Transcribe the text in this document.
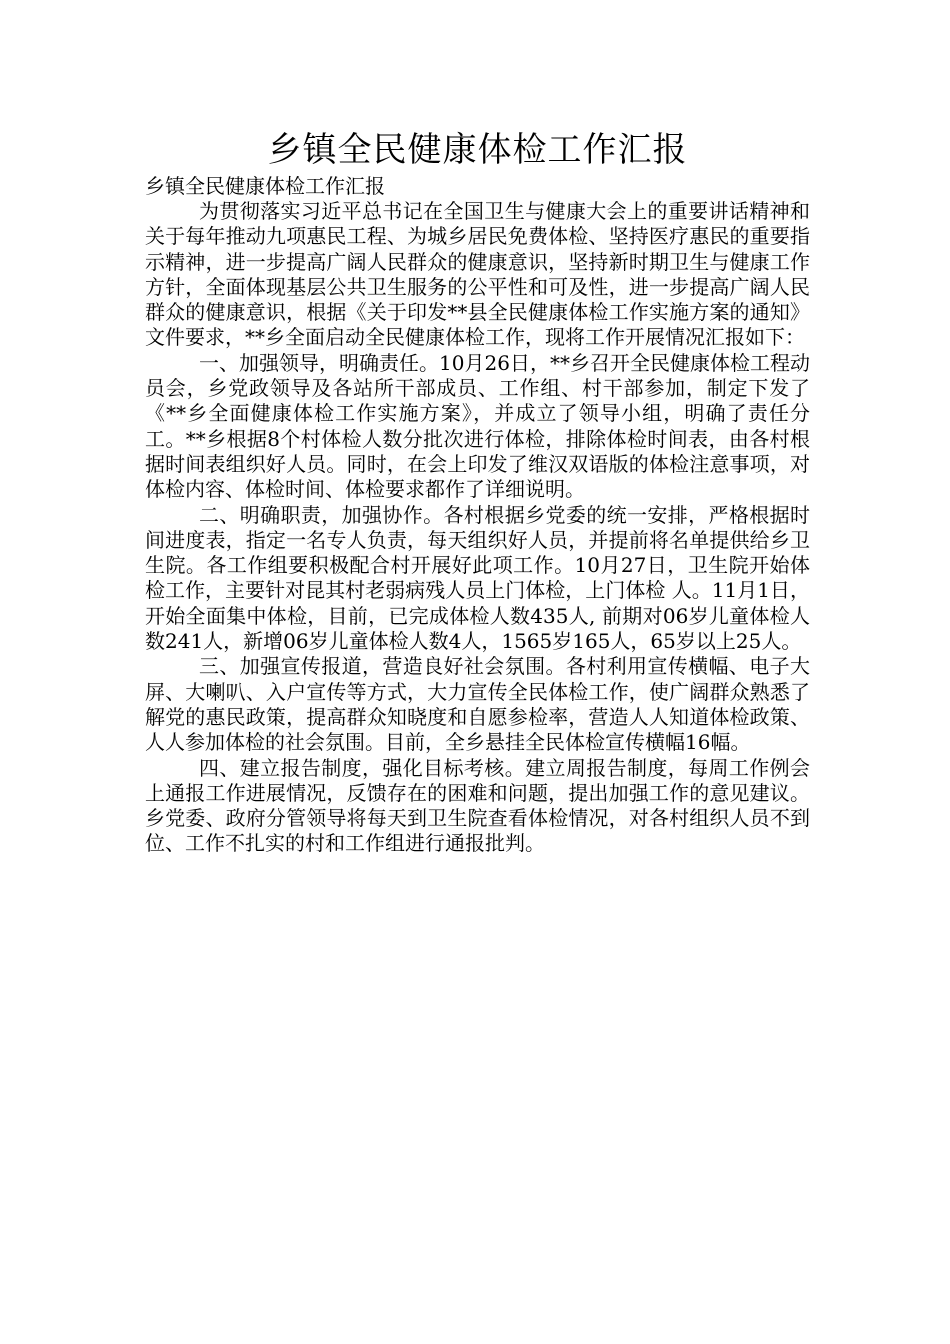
乡镇全民健康体检工作汇报

乡镇全民健康体检工作汇报

为贯彻落实习近平总书记在全国卫生与健康大会上的重要讲话精神和关于每年推动九项惠民工程、为城乡居民免费体检、坚持医疗惠民的重要指示精神，进一步提高广阔人民群众的健康意识，坚持新时期卫生与健康工作方针，全面体现基层公共卫生服务的公平性和可及性，进一步提高广阔人民群众的健康意识，根据《关于印发**县全民健康体检工作实施方案的通知》文件要求，**乡全面启动全民健康体检工作，现将工作开展情况汇报如下：

一、加强领导，明确责任。10月26日，**乡召开全民健康体检工程动员会，乡党政领导及各站所干部成员、工作组、村干部参加，制定下发了《**乡全面健康体检工作实施方案》，并成立了领导小组，明确了责任分工。**乡根据8个村体检人数分批次进行体检，排除体检时间表，由各村根据时间表组织好人员。同时，在会上印发了维汉双语版的体检注意事项，对体检内容、体检时间、体检要求都作了详细说明。

二、明确职责，加强协作。各村根据乡党委的统一安排，严格根据时间进度表，指定一名专人负责，每天组织好人员，并提前将名单提供给乡卫生院。各工作组要积极配合村开展好此项工作。10月27日，卫生院开始体检工作，主要针对昆其村老弱病残人员上门体检，上门体检 人。11月1日，开始全面集中体检，目前，已完成体检人数435人, 前期对06岁儿童体检人数241人，新增06岁儿童体检人数4人，1565岁165人，65岁以上25人。

三、加强宣传报道，营造良好社会氛围。各村利用宣传横幅、电子大屏、大喇叭、入户宣传等方式，大力宣传全民体检工作，使广阔群众熟悉了解党的惠民政策，提高群众知晓度和自愿参检率，营造人人知道体检政策、人人参加体检的社会氛围。目前，全乡悬挂全民体检宣传横幅16幅。

四、建立报告制度，强化目标考核。建立周报告制度，每周工作例会上通报工作进展情况，反馈存在的困难和问题，提出加强工作的意见建议。乡党委、政府分管领导将每天到卫生院查看体检情况，对各村组织人员不到位、工作不扎实的村和工作组进行通报批判。
